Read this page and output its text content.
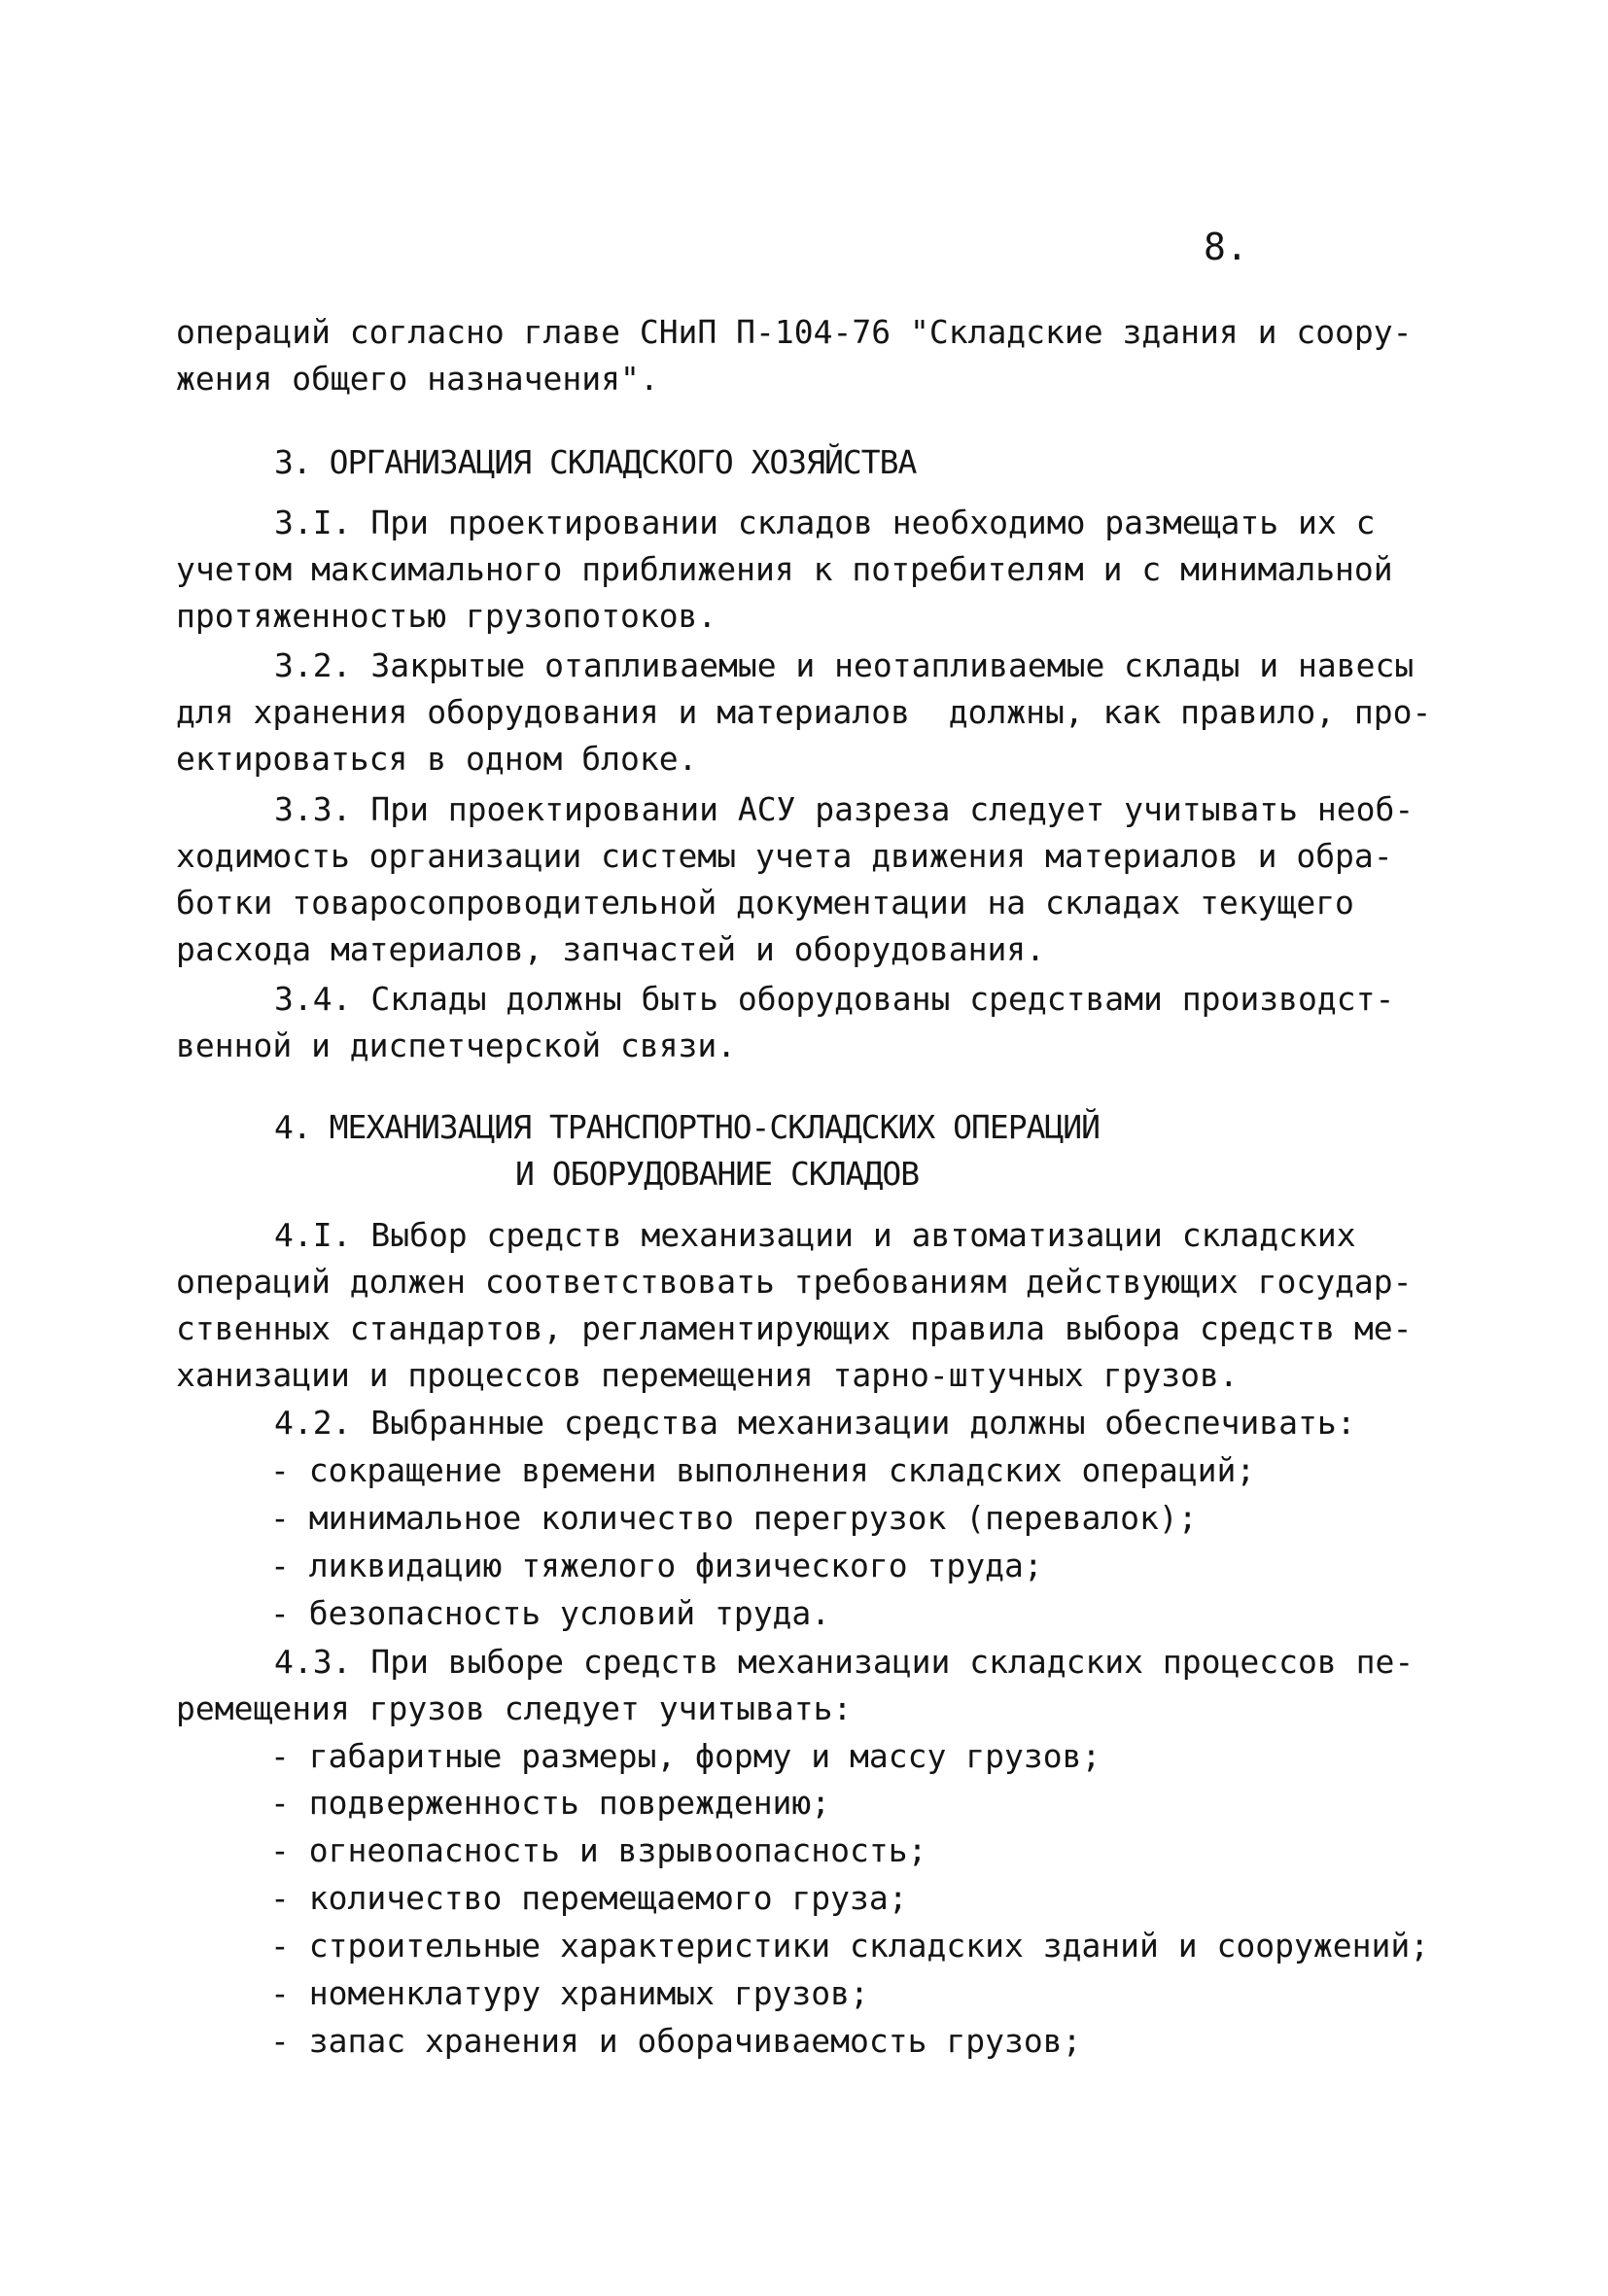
8.

операций согласно главе СНиП П-104-76 "Складские здания и соору-

жения общего назначения".

3. ОРГАНИЗАЦИЯ СКЛАДСКОГО ХОЗЯЙСТВА

3.I. При проектировании складов необходимо размещать их с

учетом максимального приближения к потребителям и с минимальной

протяженностью грузопотоков.

3.2. Закрытые отапливаемые и неотапливаемые склады и навесы

для хранения оборудования и материалов  должны, как правило, про-

ектироваться в одном блоке.

3.3. При проектировании АСУ разреза следует учитывать необ-

ходимость организации системы учета движения материалов и обра-

ботки товаросопроводительной документации на складах текущего

расхода материалов, запчастей и оборудования.

3.4. Склады должны быть оборудованы средствами производст-

венной и диспетчерской связи.

4. МЕХАНИЗАЦИЯ ТРАНСПОРТНО-СКЛАДСКИХ ОПЕРАЦИЙ

И ОБОРУДОВАНИЕ СКЛАДОВ

4.I. Выбор средств механизации и автоматизации складских

операций должен соответствовать требованиям действующих государ-

ственных стандартов, регламентирующих правила выбора средств ме-

ханизации и процессов перемещения тарно-штучных грузов.

4.2. Выбранные средства механизации должны обеспечивать:

- сокращение времени выполнения складских операций;

- минимальное количество перегрузок (перевалок);

- ликвидацию тяжелого физического труда;

- безопасность условий труда.

4.3. При выборе средств механизации складских процессов пе-

ремещения грузов следует учитывать:

- габаритные размеры, форму и массу грузов;

- подверженность повреждению;

- огнеопасность и взрывоопасность;

- количество перемещаемого груза;

- строительные характеристики складских зданий и сооружений;

- номенклатуру хранимых грузов;

- запас хранения и оборачиваемость грузов;
